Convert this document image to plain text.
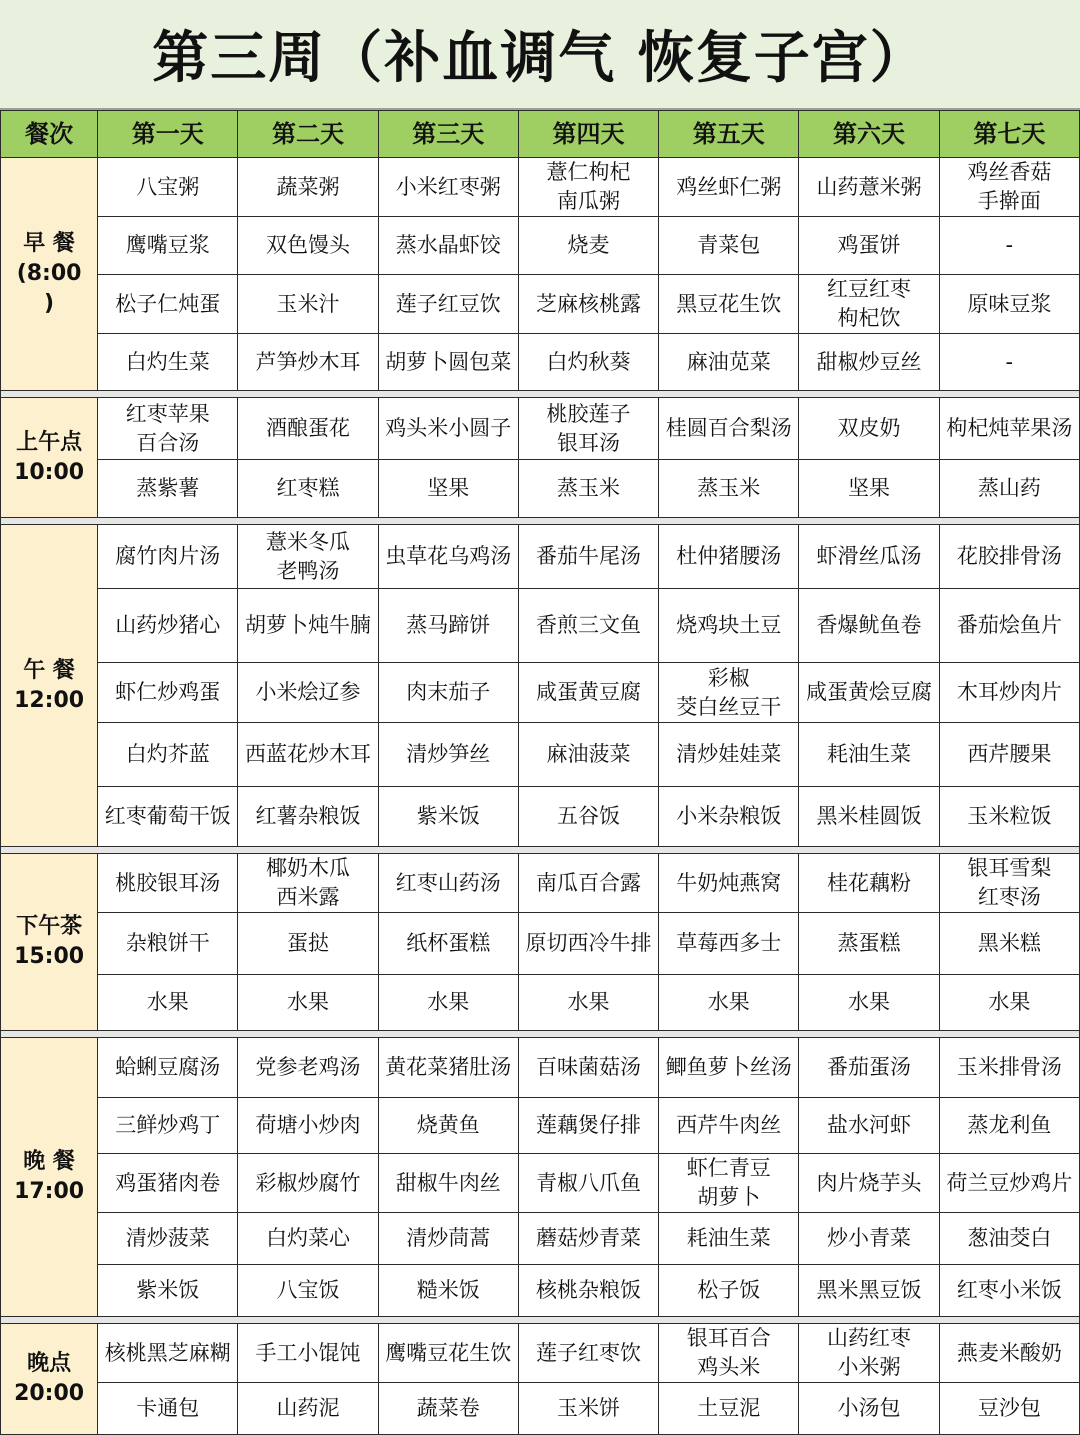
第三周（补血调气 恢复子宫）
餐次	第一天	第二天	第三天	第四天	第五天	第六天	第七天
早 餐
(8:00
)	八宝粥	蔬菜粥	小米红枣粥	薏仁枸杞
南瓜粥	鸡丝虾仁粥	山药薏米粥	鸡丝香菇
手擀面
	鹰嘴豆浆	双色馒头	蒸水晶虾饺	烧麦	青菜包	鸡蛋饼	-
	松子仁炖蛋	玉米汁	莲子红豆饮	芝麻核桃露	黑豆花生饮	红豆红枣
枸杞饮	原味豆浆
	白灼生菜	芦笋炒木耳	胡萝卜圆包菜	白灼秋葵	麻油苋菜	甜椒炒豆丝	-

上午点
10:00	红枣苹果
百合汤	酒酿蛋花	鸡头米小圆子	桃胶莲子
银耳汤	桂圆百合梨汤	双皮奶	枸杞炖苹果汤
	蒸紫薯	红枣糕	坚果	蒸玉米	蒸玉米	坚果	蒸山药

午 餐
12:00	腐竹肉片汤	薏米冬瓜
老鸭汤	虫草花乌鸡汤	番茄牛尾汤	杜仲猪腰汤	虾滑丝瓜汤	花胶排骨汤
	山药炒猪心	胡萝卜炖牛腩	蒸马蹄饼	香煎三文鱼	烧鸡块土豆	香爆鱿鱼卷	番茄烩鱼片
	虾仁炒鸡蛋	小米烩辽参	肉末茄子	咸蛋黄豆腐	彩椒
茭白丝豆干	咸蛋黄烩豆腐	木耳炒肉片
	白灼芥蓝	西蓝花炒木耳	清炒笋丝	麻油菠菜	清炒娃娃菜	耗油生菜	西芹腰果
	红枣葡萄干饭	红薯杂粮饭	紫米饭	五谷饭	小米杂粮饭	黑米桂圆饭	玉米粒饭

下午茶
15:00	桃胶银耳汤	椰奶木瓜
西米露	红枣山药汤	南瓜百合露	牛奶炖燕窝	桂花藕粉	银耳雪梨
红枣汤
	杂粮饼干	蛋挞	纸杯蛋糕	原切西冷牛排	草莓西多士	蒸蛋糕	黑米糕
	水果	水果	水果	水果	水果	水果	水果

晚 餐
17:00	蛤蜊豆腐汤	党参老鸡汤	黄花菜猪肚汤	百味菌菇汤	鲫鱼萝卜丝汤	番茄蛋汤	玉米排骨汤
	三鲜炒鸡丁	荷塘小炒肉	烧黄鱼	莲藕煲仔排	西芹牛肉丝	盐水河虾	蒸龙利鱼
	鸡蛋猪肉卷	彩椒炒腐竹	甜椒牛肉丝	青椒八爪鱼	虾仁青豆
胡萝卜	肉片烧芋头	荷兰豆炒鸡片
	清炒菠菜	白灼菜心	清炒茼蒿	蘑菇炒青菜	耗油生菜	炒小青菜	葱油茭白
	紫米饭	八宝饭	糙米饭	核桃杂粮饭	松子饭	黑米黑豆饭	红枣小米饭

晚点
20:00	核桃黑芝麻糊	手工小馄饨	鹰嘴豆花生饮	莲子红枣饮	银耳百合
鸡头米	山药红枣
小米粥	燕麦米酸奶
	卡通包	山药泥	蔬菜卷	玉米饼	土豆泥	小汤包	豆沙包
